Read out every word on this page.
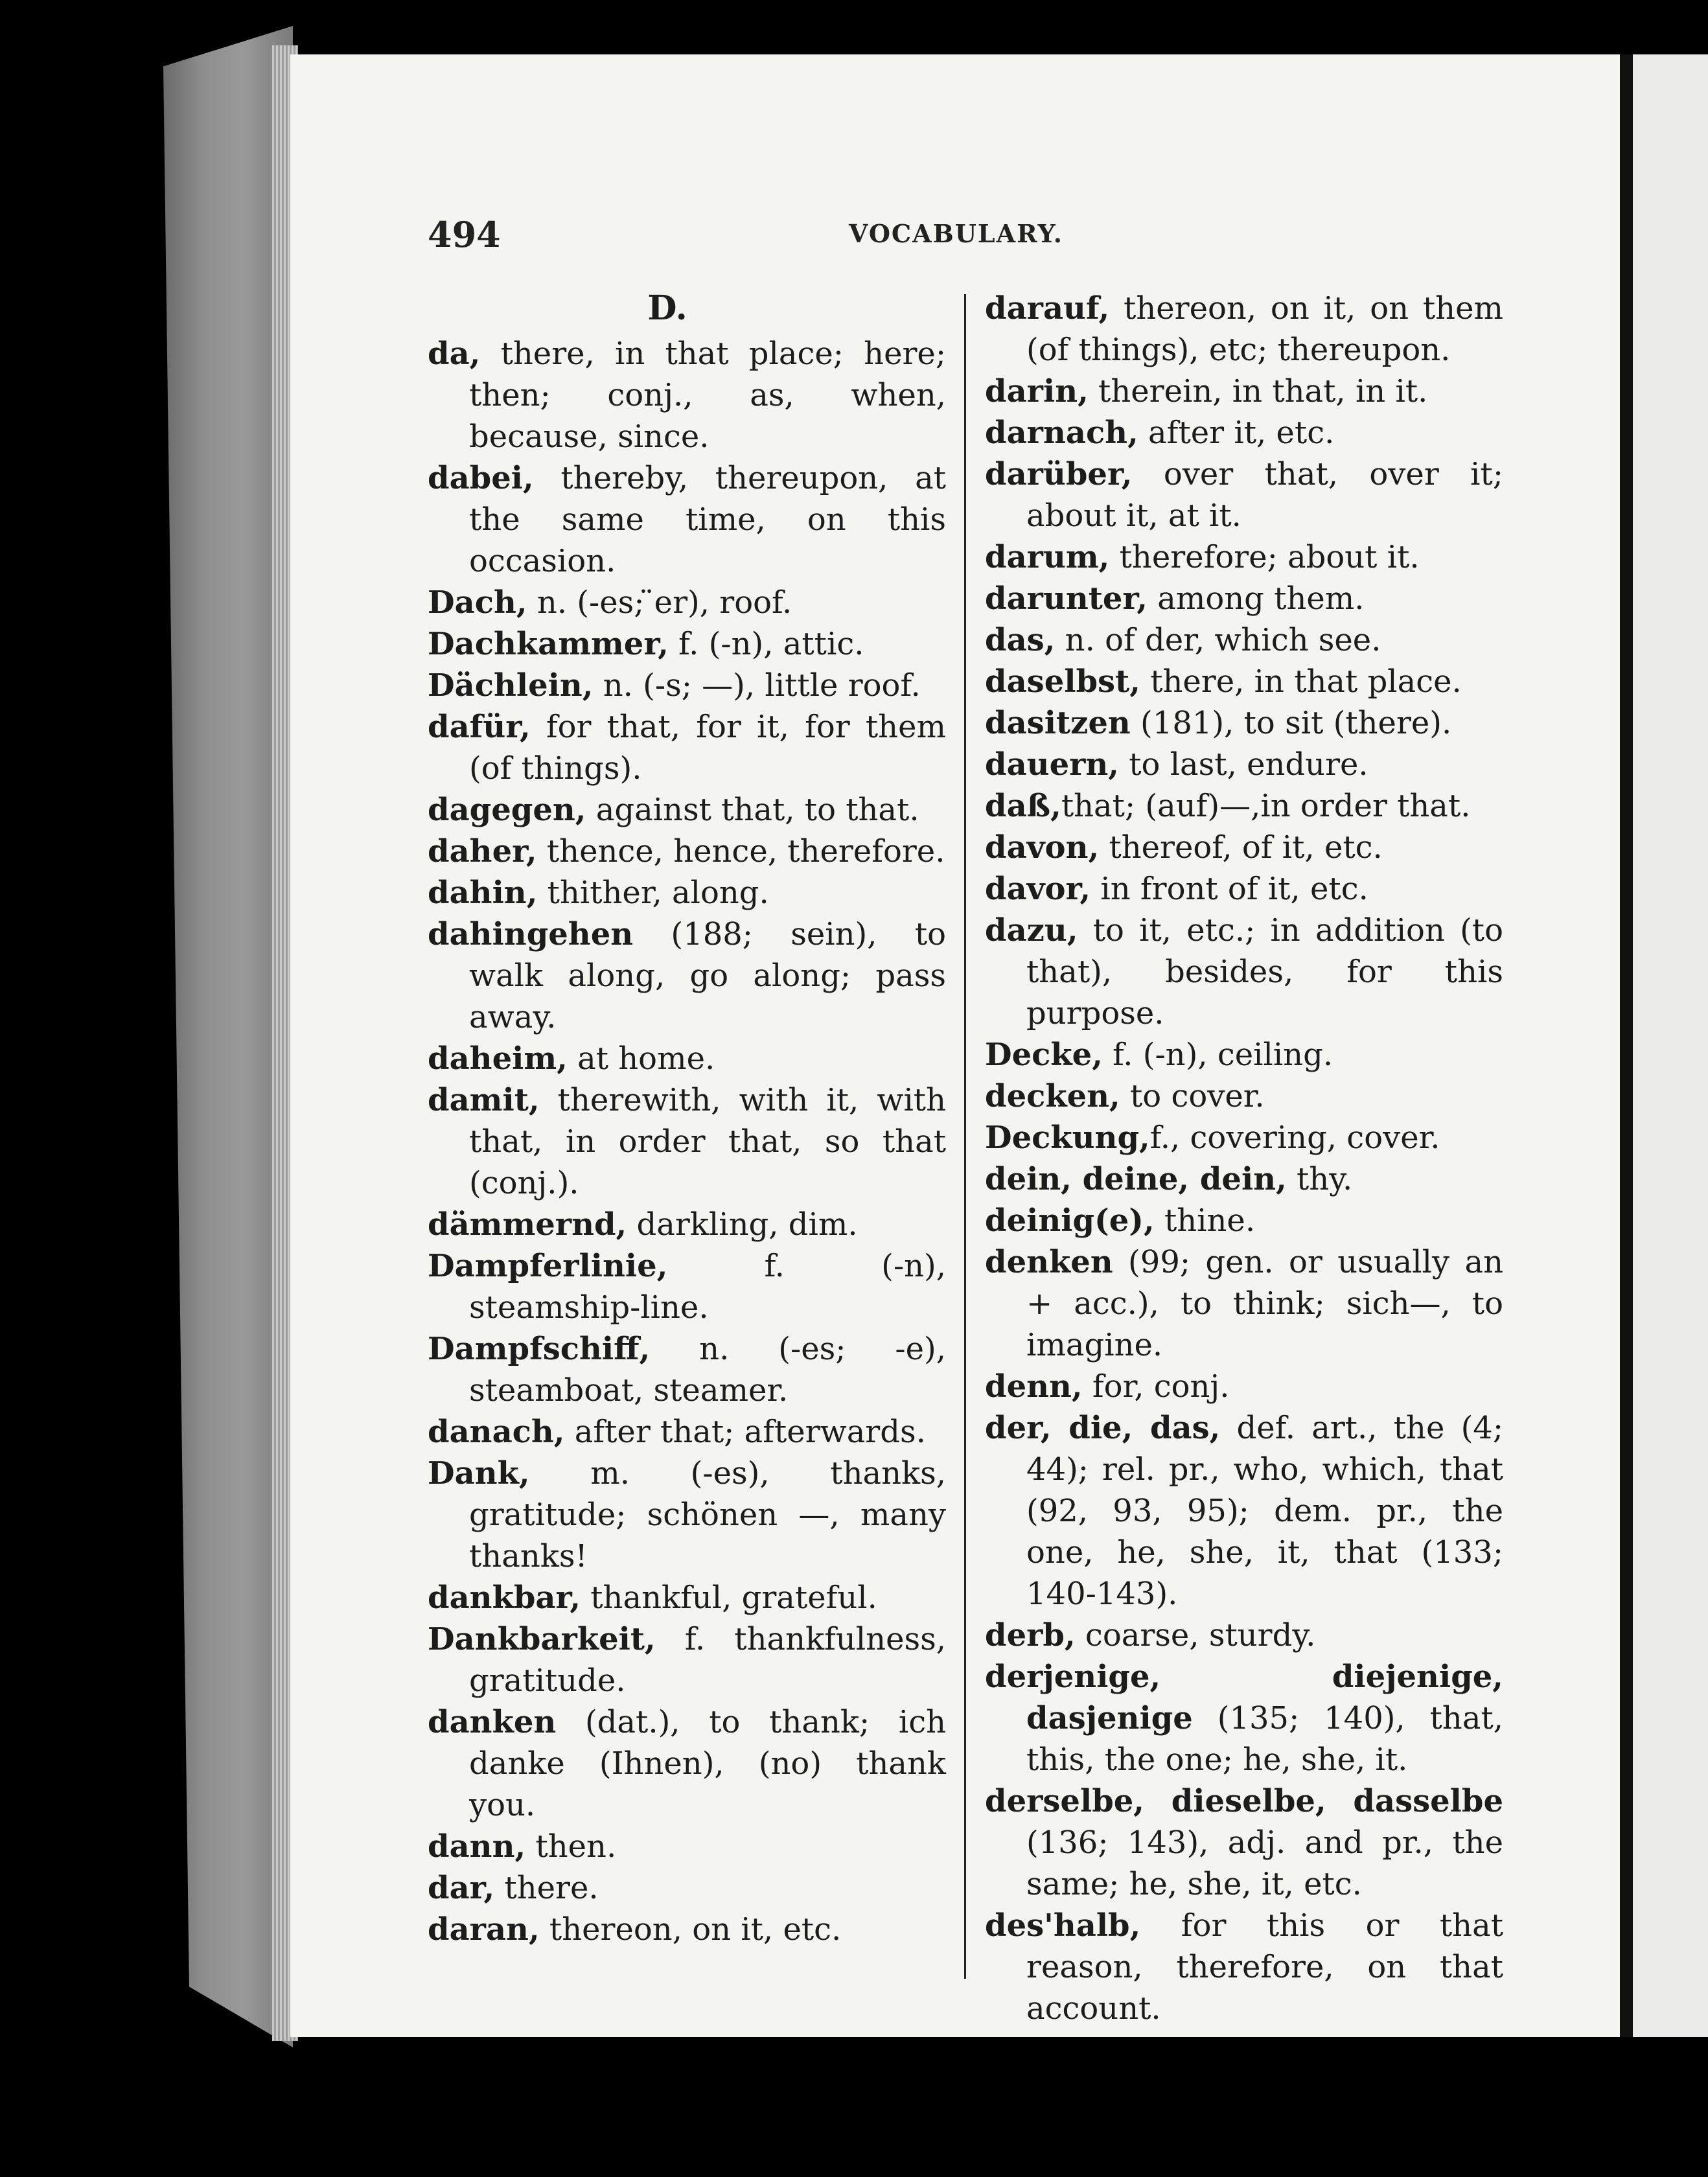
494	VOCABULARY.
D.
da, there, in that place; here; then; conj., as, when, because, since.
dabei, thereby, thereupon, at the same time, on this occasion.
Dach, n. (-es; ̈er), roof.
Dachkammer, f. (-n), attic.
Dächlein, n. (-s; —), little roof.
dafür, for that, for it, for them (of things).
dagegen, against that, to that.
daher, thence, hence, therefore.
dahin, thither, along.
dahingehen (188; sein), to walk along, go along; pass away.
daheim, at home.
damit, therewith, with it, with that, in order that, so that (conj.).
dämmernd, darkling, dim.
Dampferlinie, f. (-n), steamship-line.
Dampfschiff, n. (-es; -e), steamboat, steamer.
danach, after that; afterwards.
Dank, m. (-es), thanks, gratitude; schönen —, many thanks!
dankbar, thankful, grateful.
Dankbarkeit, f. thankfulness, gratitude.
danken (dat.), to thank; ich danke (Ihnen), (no) thank you.
dann, then.
dar, there.
daran, thereon, on it, etc.
darauf, thereon, on it, on them (of things), etc; thereupon.
darin, therein, in that, in it.
darnach, after it, etc.
darüber, over that, over it; about it, at it.
darum, therefore; about it.
darunter, among them.
das, n. of der, which see.
daselbst, there, in that place.
dasitzen (181), to sit (there).
dauern, to last, endure.
daß,that; (auf)—,in order that.
davon, thereof, of it, etc.
davor, in front of it, etc.
dazu, to it, etc.; in addition (to that), besides, for this purpose.
Decke, f. (-n), ceiling.
decken, to cover.
Deckung,f., covering, cover.
dein, deine, dein, thy.
deinig(e), thine.
denken (99; gen. or usually an + acc.), to think; sich—, to imagine.
denn, for, conj.
der, die, das, def. art., the (4; 44); rel. pr., who, which, that (92, 93, 95); dem. pr., the one, he, she, it, that (133; 140-143).
derb, coarse, sturdy.
derjenige, diejenige, dasjenige (135; 140), that, this, the one; he, she, it.
derselbe, dieselbe, dasselbe (136; 143), adj. and pr., the same; he, she, it, etc.
des'halb, for this or that reason, therefore, on that account.
